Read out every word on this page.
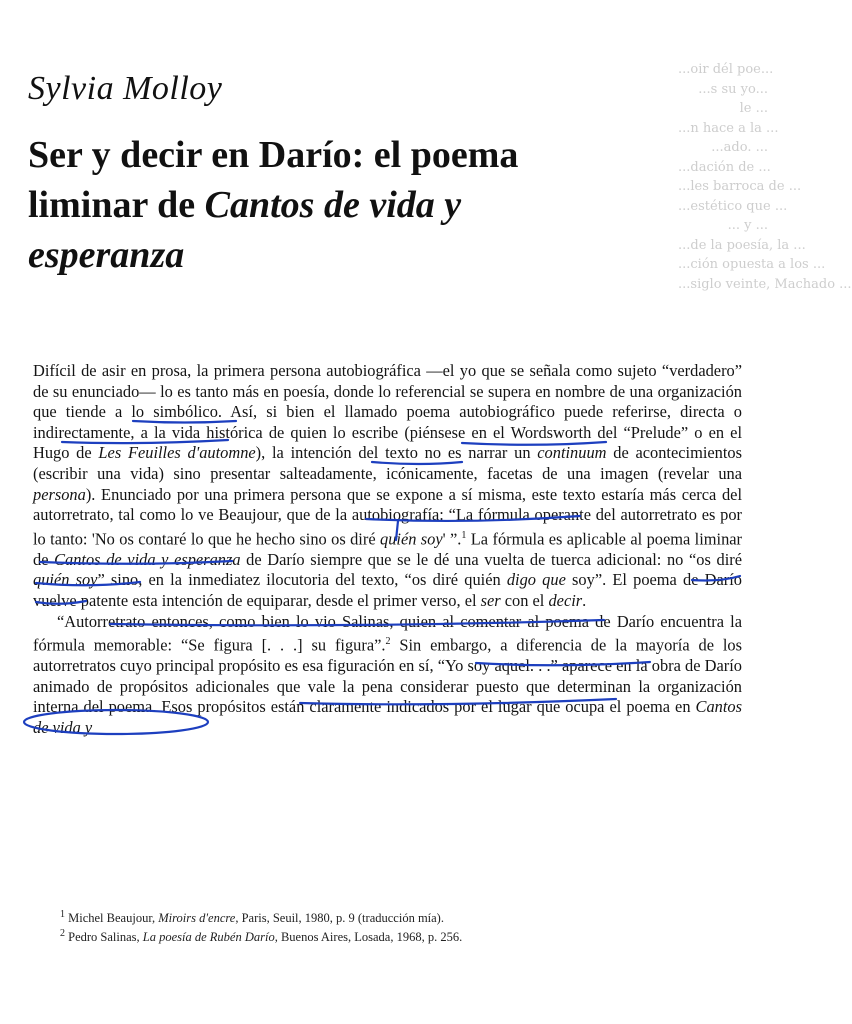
...oir dél poe...
...s su yo...
le ...
...n hace a la ...
...ado. ...
...dación de ...
...les barroca de ...
...estético que ...
... y ...
...de la poesía, la ...
...ción opuesta a los ...
...siglo veinte, Machado ...
Sylvia Molloy
Ser y decir en Darío: el poema
liminar de Cantos de vida y
esperanza

Difícil de asir en prosa, la primera persona autobiográfica —el yo que se señala como sujeto “verdadero” de su enunciado— lo es tanto más en poesía, donde lo referencial se supera en nombre de una organización que tiende a lo simbólico. Así, si bien el llamado poema autobiográfico puede referirse, directa o indirectamente, a la vida histórica de quien lo escribe (piénsese en el Wordsworth del “Prelude” o en el Hugo de Les Feuilles d'automne), la intención del texto no es narrar un continuum de acontecimientos (escribir una vida) sino presentar salteadamente, icónicamente, facetas de una imagen (revelar una persona). Enunciado por una primera persona que se expone a sí misma, este texto estaría más cerca del autorretrato, tal como lo ve Beaujour, que de la autobiografía: “La fórmula operante del autorretrato es por lo tanto: 'No os contaré lo que he hecho sino os diré quién soy' ”.$^1$ La fórmula es aplicable al poema liminar de Cantos de vida y esperanza de Darío siempre que se le dé una vuelta de tuerca adicional: no “os diré quién soy” sino, en la inmediatez ilocutoria del texto, “os diré quién digo que soy”. El poema de Darío vuelve patente esta intención de equiparar, desde el primer verso, el ser con el decir.

“Autorretrato entonces, como bien lo vio Salinas, quien al comentar al poema de Darío encuentra la fórmula memorable: “Se figura [. . .] su figura”.$^2$ Sin embargo, a diferencia de la mayoría de los autorretratos cuyo principal propósito es esa figuración en sí, “Yo soy aquel. . .” aparece en la obra de Darío animado de propósitos adicionales que vale la pena considerar puesto que determinan la organización interna del poema. Esos propósitos están claramente indicados por el lugar que ocupa el poema en Cantos de vida y

$^1$ Michel Beaujour, Miroirs d'encre, Paris, Seuil, 1980, p. 9 (traducción mía).
$^2$ Pedro Salinas, La poesía de Rubén Darío, Buenos Aires, Losada, 1968, p. 256.
